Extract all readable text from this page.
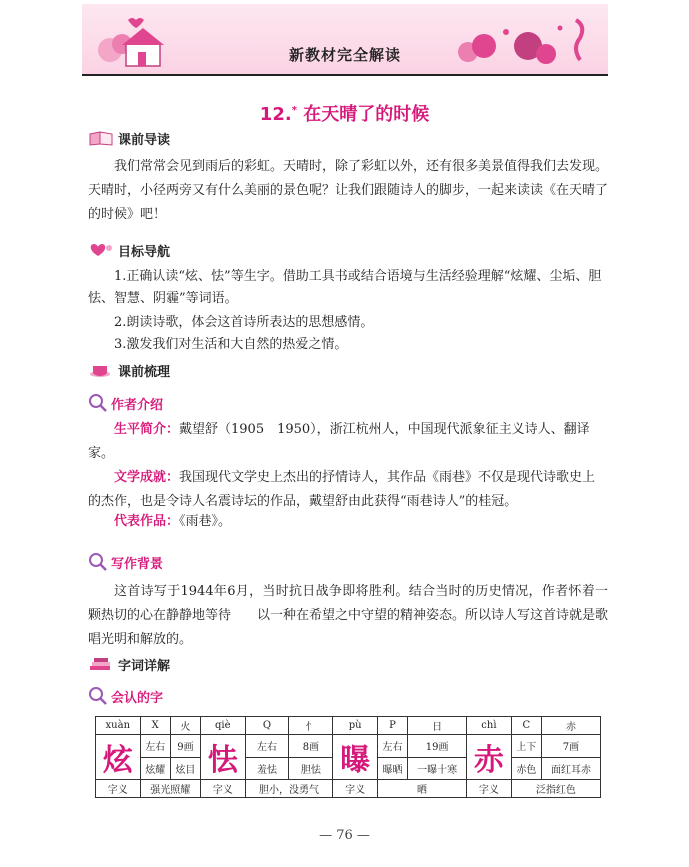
新教材完全解读
12.* 在天晴了的时候
课前导读
我们常常会见到雨后的彩虹。天晴时，除了彩虹以外，还有很多美景值得我们去发现。天晴时，小径两旁又有什么美丽的景色呢？让我们跟随诗人的脚步，一起来读读《在天晴了的时候》吧！
目标导航
1.正确认读“炫、怯”等生字。借助工具书或结合语境与生活经验理解“炫耀、尘垢、胆怯、智慧、阴霾”等词语。
2.朗读诗歌，体会这首诗所表达的思想感情。
3.激发我们对生活和大自然的热爱之情。
课前梳理
作者介绍
生平简介：戴望舒（1905　1950），浙江杭州人，中国现代派象征主义诗人、翻译家。
文学成就：我国现代文学史上杰出的抒情诗人，其作品《雨巷》不仅是现代诗歌史上的杰作，也是令诗人名震诗坛的作品，戴望舒由此获得“雨巷诗人”的桂冠。
代表作品：《雨巷》。
写作背景
这首诗写于1944年6月，当时抗日战争即将胜利。结合当时的历史情况，作者怀着一颗热切的心在静静地等待　　以一种在希望之中守望的精神姿态。所以诗人写这首诗就是歌唱光明和解放的。
字词详解
会认的字
xuàn	X	火	qiè	Q	忄	pù	P	日	chì	C	赤
炫	左右	9画	怯	左右	8画	曝	左右	19画	赤	上下	7画
	炫耀	炫目		羞怯	胆怯		曝晒	一曝十寒		赤色	面红耳赤
字义	强光照耀		字义	胆小，没勇气		字义	晒		字义	泛指红色	
— 76 —
